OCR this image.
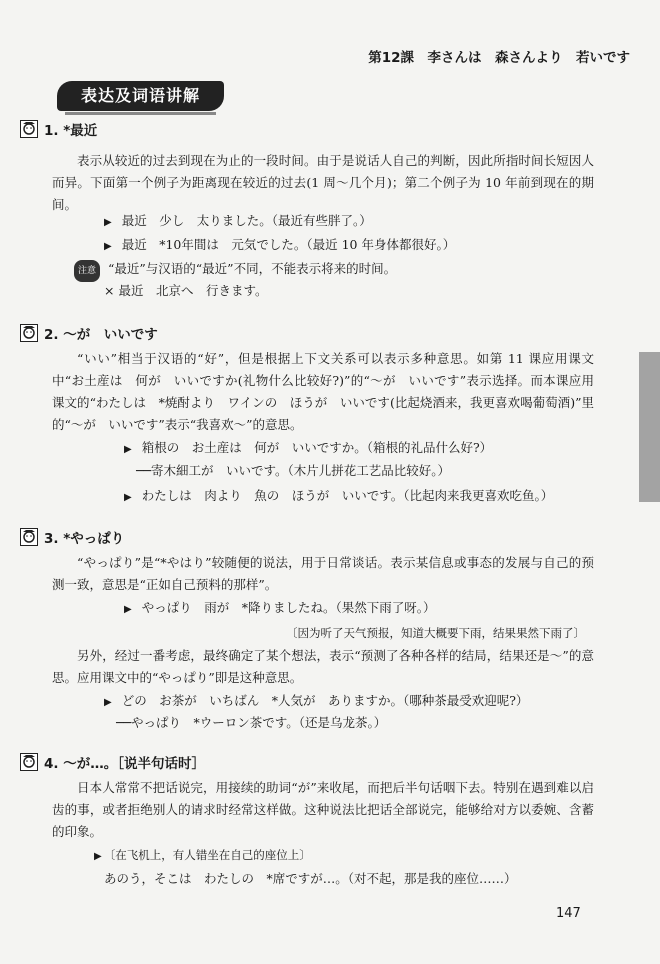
第12課　李さんは　森さんより　若いです
表达及词语讲解
1. *最近
表示从较近的过去到现在为止的一段时间。由于是说话人自己的判断，因此所指时间长短因人而异。下面第一个例子为距离现在较近的过去(1 周～几个月)；第二个例子为 10 年前到现在的期间。
▶ 最近　少し　太りました。（最近有些胖了。）
▶ 最近　*10年間は　元気でした。（最近 10 年身体都很好。）
注意 “最近”与汉语的“最近”不同，不能表示将来的时间。
× 最近　北京へ　行きます。
2. ～が　いいです
“いい”相当于汉语的“好”，但是根据上下文关系可以表示多种意思。如第 11 课应用课文中“お土産は　何が　いいですか(礼物什么比较好?)”的“～が　いいです”表示选择。而本课应用课文的“わたしは　*焼酎より　ワインの　ほうが　いいです(比起烧酒来，我更喜欢喝葡萄酒)”里的“～が　いいです”表示“我喜欢～”的意思。
▶ 箱根の　お土産は　何が　いいですか。（箱根的礼品什么好?）
──寄木細工が　いいです。（木片儿拼花工艺品比较好。）
▶ わたしは　肉より　魚の　ほうが　いいです。（比起肉来我更喜欢吃鱼。）
3. *やっぱり
“やっぱり”是“*やはり”较随便的说法，用于日常谈话。表示某信息或事态的发展与自己的预测一致，意思是“正如自己预料的那样”。
▶ やっぱり　雨が　*降りましたね。（果然下雨了呀。）
〔因为听了天气预报，知道大概要下雨，结果果然下雨了〕
另外，经过一番考虑，最终确定了某个想法，表示“预测了各种各样的结局，结果还是～”的意思。应用课文中的“やっぱり”即是这种意思。
▶ どの　お茶が　いちばん　*人気が　ありますか。（哪种茶最受欢迎呢?）
──やっぱり　*ウーロン茶です。（还是乌龙茶。）
4. ～が…。［说半句话时］
日本人常常不把话说完，用接续的助词“が”来收尾，而把后半句话咽下去。特别在遇到难以启齿的事，或者拒绝别人的请求时经常这样做。这种说法比把话全部说完，能够给对方以委婉、含蓄的印象。
▶ 〔在飞机上，有人错坐在自己的座位上〕
あのう，そこは　わたしの　*席ですが…。（对不起，那是我的座位……）
147
